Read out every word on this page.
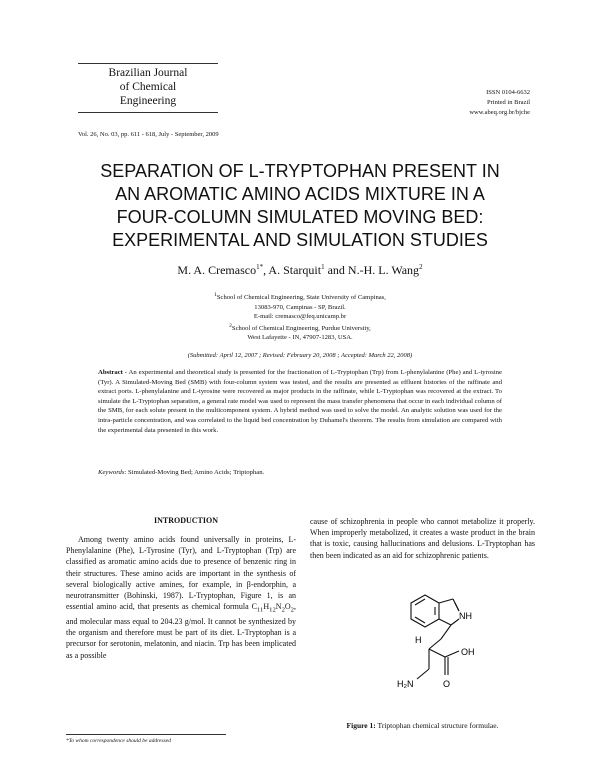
Brazilian Journal
of Chemical
Engineering
ISSN 0104-6632
Printed in Brazil
www.abeq.org.br/bjche
Vol. 26, No. 03, pp. 611 - 618, July - September, 2009
SEPARATION OF L-TRYPTOPHAN PRESENT IN
AN AROMATIC AMINO ACIDS MIXTURE IN A
FOUR-COLUMN SIMULATED MOVING BED:
EXPERIMENTAL AND SIMULATION STUDIES
M. A. Cremasco$^{1*}$, A. Starquit$^1$ and N.-H. L. Wang$^2$
$^1$School of Chemical Engineering, State University of Campinas,
13083-970, Campinas - SP, Brazil.
E-mail: cremasco@feq.unicamp.br
$^2$School of Chemical Engineering, Purdue University,
West Lafayette - IN, 47907-1283, USA.
(Submitted: April 12, 2007 ; Revised: February 20, 2008 ; Accepted: March 22, 2008)
Abstract - An experimental and theoretical study is presented for the fractionation of L-Tryptophan (Trp) from L-phenylalanine (Phe) and L-tyrosine (Tyr). A Simulated-Moving Bed (SMB) with four-column system was tested, and the results are presented as effluent histories of the raffinate and extract ports. L-phenylalanine and L-tyrosine were recovered as major products in the raffinate, while L-Tryptophan was recovered at the extract. To simulate the L-Tryptophan separation, a general rate model was used to represent the mass transfer phenomena that occur in each individual column of the SMB, for each solute present in the multicomponent system. A hybrid method was used to solve the model. An analytic solution was used for the intra-particle concentration, and was correlated to the liquid bed concentration by Duhamel's theorem. The results from simulation are compared with the experimental data presented in this work.
Keywords: Simulated-Moving Bed; Amino Acids; Triptophan.
INTRODUCTION

Among twenty amino acids found universally in proteins, L-Phenylalanine (Phe), L-Tyrosine (Tyr), and L-Tryptophan (Trp) are classified as aromatic amino acids due to presence of benzenic ring in their structures. These amino acids are important in the synthesis of several biologically active amines, for example, in β-endorphin, a neurotransmitter (Bohinski, 1987). L-Tryptophan, Figure 1, is an essential amino acid, that presents as chemical formula $C_{11}H_{12}N_2O_2$, and molecular mass equal to 204.23 g/mol. It cannot be synthesized by the organism and therefore must be part of its diet. L-Tryptophan is a precursor for serotonin, melatonin, and niacin. Trp has been implicated as a possible

cause of schizophrenia in people who cannot metabolize it properly. When improperly metabolized, it creates a waste product in the brain that is toxic, causing hallucinations and delusions. L-Tryptophan has then been indicated as an aid for schizophrenic patients.

NH
H
OH
O
H₂N
Figure 1: Triptophan chemical structure formulae.
*To whom correspondence should be addressed
